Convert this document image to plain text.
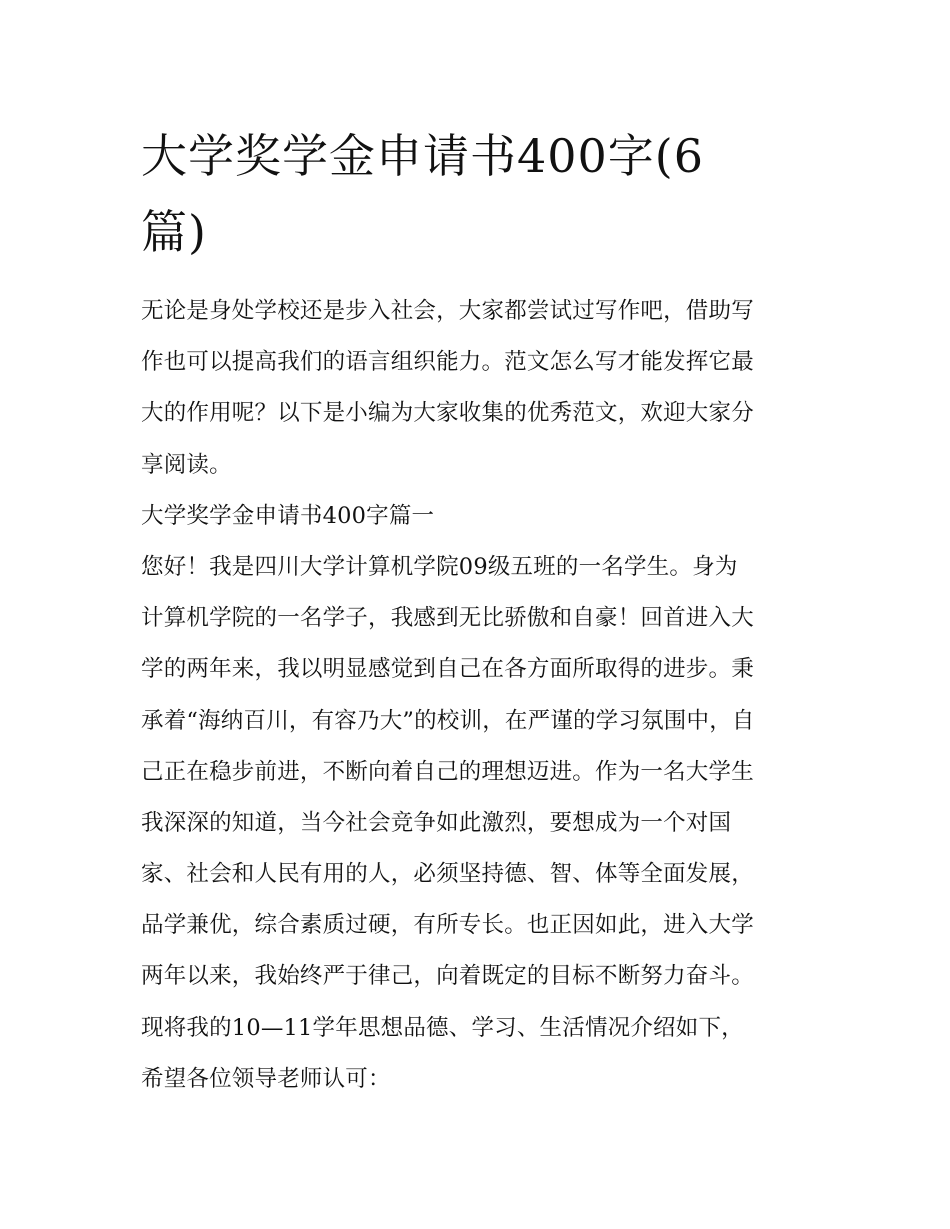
大学奖学金申请书400字(6
篇)
无论是身处学校还是步入社会，大家都尝试过写作吧，借助写
作也可以提高我们的语言组织能力。范文怎么写才能发挥它最
大的作用呢？以下是小编为大家收集的优秀范文，欢迎大家分
享阅读。
大学奖学金申请书400字篇一
您好！我是四川大学计算机学院09级五班的一名学生。身为
计算机学院的一名学子，我感到无比骄傲和自豪！回首进入大
学的两年来，我以明显感觉到自己在各方面所取得的进步。秉
承着“海纳百川，有容乃大”的校训，在严谨的学习氛围中，自
己正在稳步前进，不断向着自己的理想迈进。作为一名大学生
我深深的知道，当今社会竞争如此激烈，要想成为一个对国
家、社会和人民有用的人，必须坚持德、智、体等全面发展，
品学兼优，综合素质过硬，有所专长。也正因如此，进入大学
两年以来，我始终严于律己，向着既定的目标不断努力奋斗。
现将我的10—11学年思想品德、学习、生活情况介绍如下，
希望各位领导老师认可：
